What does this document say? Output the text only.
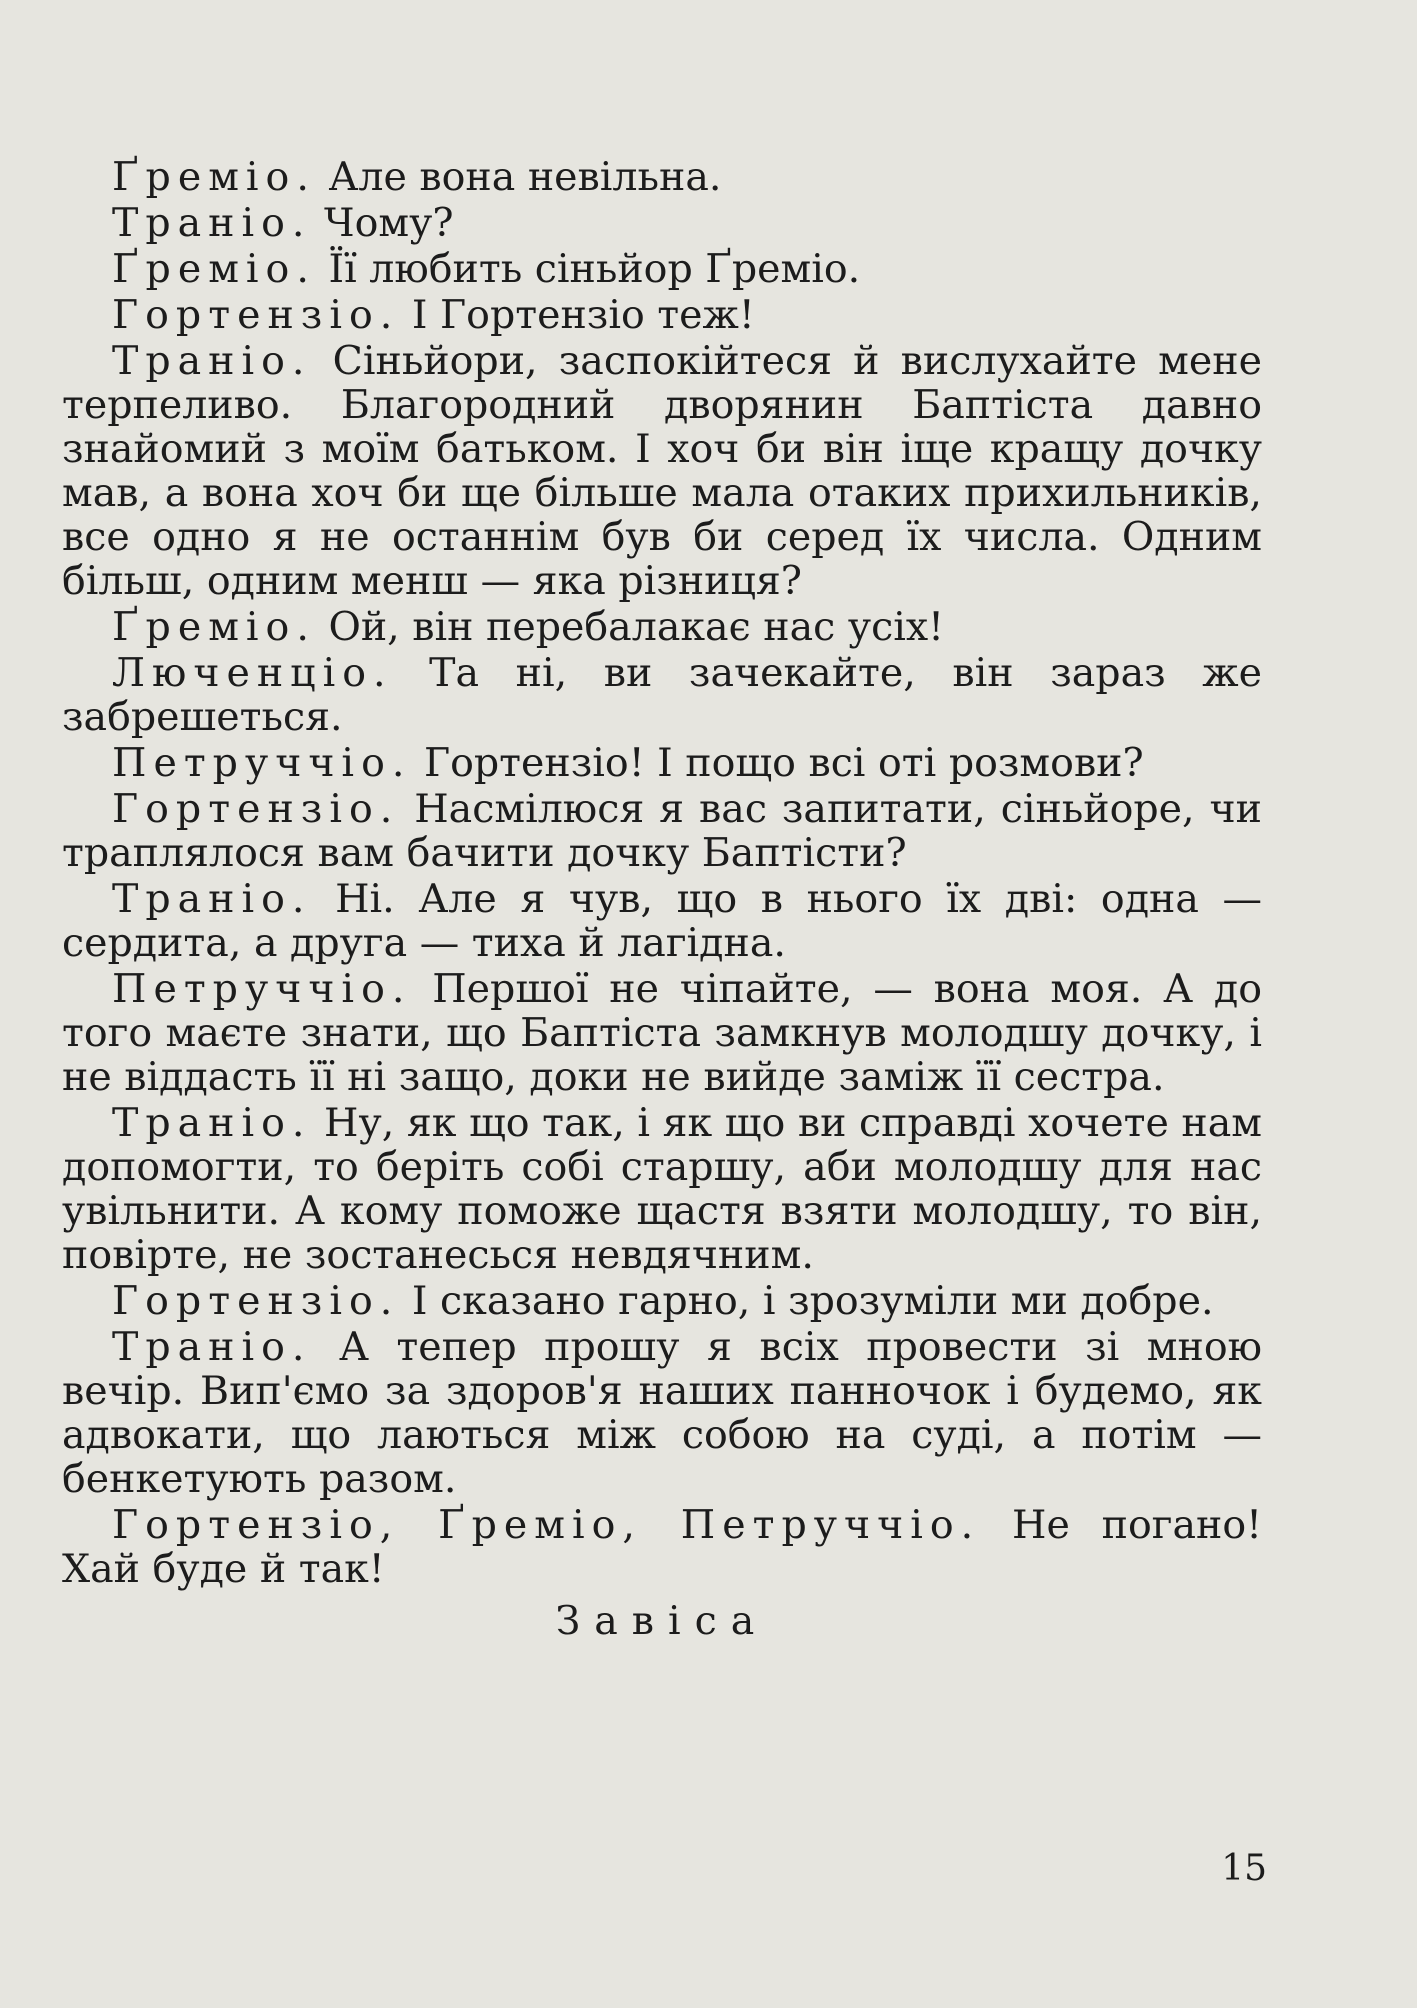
Ґреміо. Але вона невільна.

Траніо. Чому?

Ґреміо. Її любить сіньйор Ґреміо.

Гортензіо. І Гортензіо теж!

Траніо. Сіньйори, заспокійтеся й вислухайте мене терпеливо. Благородний дворянин Баптіста давно знайомий з моїм батьком. І хоч би він іще кращу дочку мав, а вона хоч би ще більше мала отаких прихильників, все одно я не останнім був би серед їх числа. Одним більш, одним менш — яка різниця?

Ґреміо. Ой, він перебалакає нас усіх!

Люченціо. Та ні, ви зачекайте, він зараз же забрешеться.

Петруччіо. Гортензіо! І пощо всі оті розмови?

Гортензіо. Насмілюся я вас запитати, сіньйоре, чи траплялося вам бачити дочку Баптісти?

Траніо. Ні. Але я чув, що в нього їх дві: одна — сердита, а друга — тиха й лагідна.

Петруччіо. Першої не чіпайте, — вона моя. А до того маєте знати, що Баптіста замкнув молодшу дочку, і не віддасть її ні защо, доки не вийде заміж її сестра.

Траніо. Ну, як що так, і як що ви справді хочете нам допомогти, то беріть собі старшу, аби молодшу для нас увільнити. А кому поможе щастя взяти молодшу, то він, повірте, не зостанесься невдячним.

Гортензіо. І сказано гарно, і зрозуміли ми добре.

Траніо. А тепер прошу я всіх провести зі мною вечір. Вип'ємо за здоров'я наших панночок і будемо, як адвокати, що лаються між собою на суді, а потім — бенкетують разом.

Гортензіо, Ґреміо, Петруччіо. Не погано! Хай буде й так!

Завіса
15
